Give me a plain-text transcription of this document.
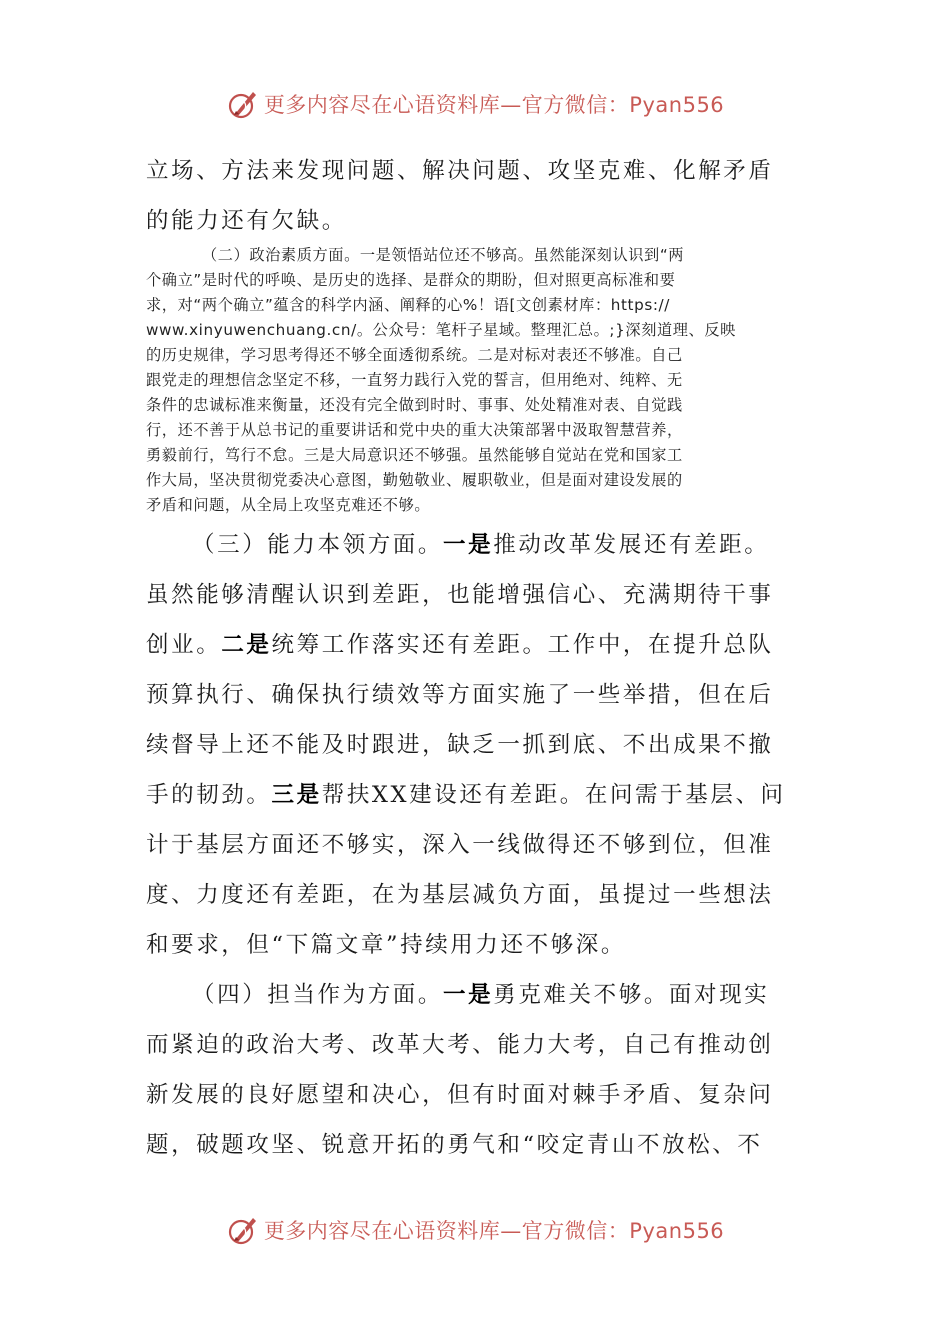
更多内容尽在心语资料库—官方微信：Pyan556

立场、方法来发现问题、解决问题、攻坚克难、化解矛盾

的能力还有欠缺。

（二）政治素质方面。一是领悟站位还不够高。虽然能深刻认识到“两
个确立”是时代的呼唤、是历史的选择、是群众的期盼，但对照更高标准和要
求，对“两个确立”蕴含的科学内涵、阐释的心%！语[文创素材库：https://
www.xinyuwenchuang.cn/。公众号：笔杆子星域。整理汇总。;}深刻道理、反映
的历史规律，学习思考得还不够全面透彻系统。二是对标对表还不够准。自己
跟党走的理想信念坚定不移，一直努力践行入党的誓言，但用绝对、纯粹、无
条件的忠诚标准来衡量，还没有完全做到时时、事事、处处精准对表、自觉践
行，还不善于从总书记的重要讲话和党中央的重大决策部署中汲取智慧营养，
勇毅前行，笃行不怠。三是大局意识还不够强。虽然能够自觉站在党和国家工
作大局，坚决贯彻党委决心意图，勤勉敬业、履职敬业，但是面对建设发展的
矛盾和问题，从全局上攻坚克难还不够。

（三）能力本领方面。一是推动改革发展还有差距。

虽然能够清醒认识到差距，也能增强信心、充满期待干事

创业。二是统筹工作落实还有差距。工作中，在提升总队

预算执行、确保执行绩效等方面实施了一些举措，但在后

续督导上还不能及时跟进，缺乏一抓到底、不出成果不撤

手的韧劲。三是帮扶XX建设还有差距。在问需于基层、问

计于基层方面还不够实，深入一线做得还不够到位，但准

度、力度还有差距，在为基层减负方面，虽提过一些想法

和要求，但“下篇文章”持续用力还不够深。

（四）担当作为方面。一是勇克难关不够。面对现实

而紧迫的政治大考、改革大考、能力大考，自己有推动创

新发展的良好愿望和决心，但有时面对棘手矛盾、复杂问

题，破题攻坚、锐意开拓的勇气和“咬定青山不放松、不

更多内容尽在心语资料库—官方微信：Pyan556
